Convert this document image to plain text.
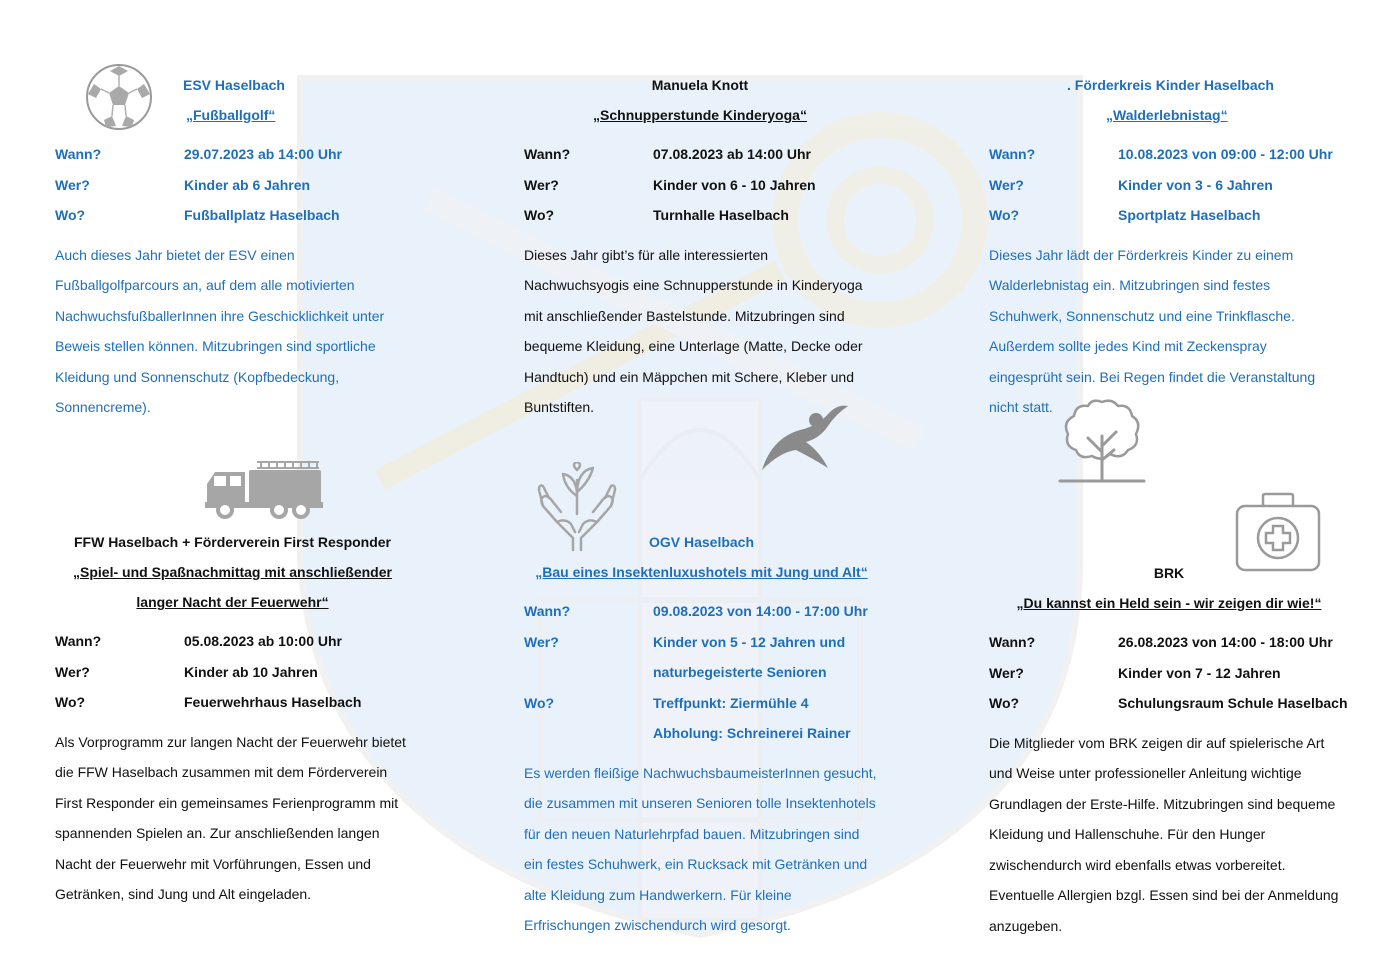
ESV Haselbach
„Fußballgolf“
Wann?	29.07.2023 ab 14:00 Uhr
Wer?	Kinder ab 6 Jahren
Wo?	Fußballplatz Haselbach
Auch dieses Jahr bietet der ESV einen Fußballgolfparcours an, auf dem alle motivierten NachwuchsfußballerInnen ihre Geschicklichkeit unter Beweis stellen können. Mitzubringen sind sportliche Kleidung und Sonnenschutz (Kopfbedeckung, Sonnencreme).
Manuela Knott
„Schnupperstunde Kinderyoga“
Wann?	07.08.2023 ab 14:00 Uhr
Wer?	Kinder von 6 - 10 Jahren
Wo?	Turnhalle Haselbach
Dieses Jahr gibt’s für alle interessierten Nachwuchsyogis eine Schnupperstunde in Kinderyoga mit anschließender Bastelstunde. Mitzubringen sind bequeme Kleidung, eine Unterlage (Matte, Decke oder Handtuch) und ein Mäppchen mit Schere, Kleber und Buntstiften.
. Förderkreis Kinder Haselbach
„Walderlebnistag“
Wann?	10.08.2023 von 09:00 - 12:00 Uhr
Wer?	Kinder von 3 - 6 Jahren
Wo?	Sportplatz Haselbach
Dieses Jahr lädt der Förderkreis Kinder zu einem Walderlebnistag ein. Mitzubringen sind festes Schuhwerk, Sonnenschutz und eine Trinkflasche. Außerdem sollte jedes Kind mit Zeckenspray eingesprüht sein. Bei Regen findet die Veranstaltung nicht statt.
FFW Haselbach + Förderverein First Responder
„Spiel- und Spaßnachmittag mit anschließender
langer Nacht der Feuerwehr“
Wann?	05.08.2023 ab 10:00 Uhr
Wer?	Kinder ab 10 Jahren
Wo?	Feuerwehrhaus Haselbach
Als Vorprogramm zur langen Nacht der Feuerwehr bietet die FFW Haselbach zusammen mit dem Förderverein First Responder ein gemeinsames Ferienprogramm mit spannenden Spielen an. Zur anschließenden langen Nacht der Feuerwehr mit Vorführungen, Essen und Getränken, sind Jung und Alt eingeladen.
OGV Haselbach
„Bau eines Insektenluxushotels mit Jung und Alt“
Wann?	09.08.2023 von 14:00 - 17:00 Uhr
Wer?	Kinder von 5 - 12 Jahren und
naturbegeisterte Senioren
Wo?	Treffpunkt: Ziermühle 4
Abholung: Schreinerei Rainer
Es werden fleißige NachwuchsbaumeisterInnen gesucht, die zusammen mit unseren Senioren tolle Insektenhotels für den neuen Naturlehrpfad bauen. Mitzubringen sind ein festes Schuhwerk, ein Rucksack mit Getränken und alte Kleidung zum Handwerkern. Für kleine Erfrischungen zwischendurch wird gesorgt.
BRK
„Du kannst ein Held sein - wir zeigen dir wie!“
Wann?	26.08.2023 von 14:00 - 18:00 Uhr
Wer?	Kinder von 7 - 12 Jahren
Wo?	Schulungsraum Schule Haselbach
Die Mitglieder vom BRK zeigen dir auf spielerische Art und Weise unter professioneller Anleitung wichtige Grundlagen der Erste-Hilfe. Mitzubringen sind bequeme Kleidung und Hallenschuhe. Für den Hunger zwischendurch wird ebenfalls etwas vorbereitet. Eventuelle Allergien bzgl. Essen sind bei der Anmeldung anzugeben.
